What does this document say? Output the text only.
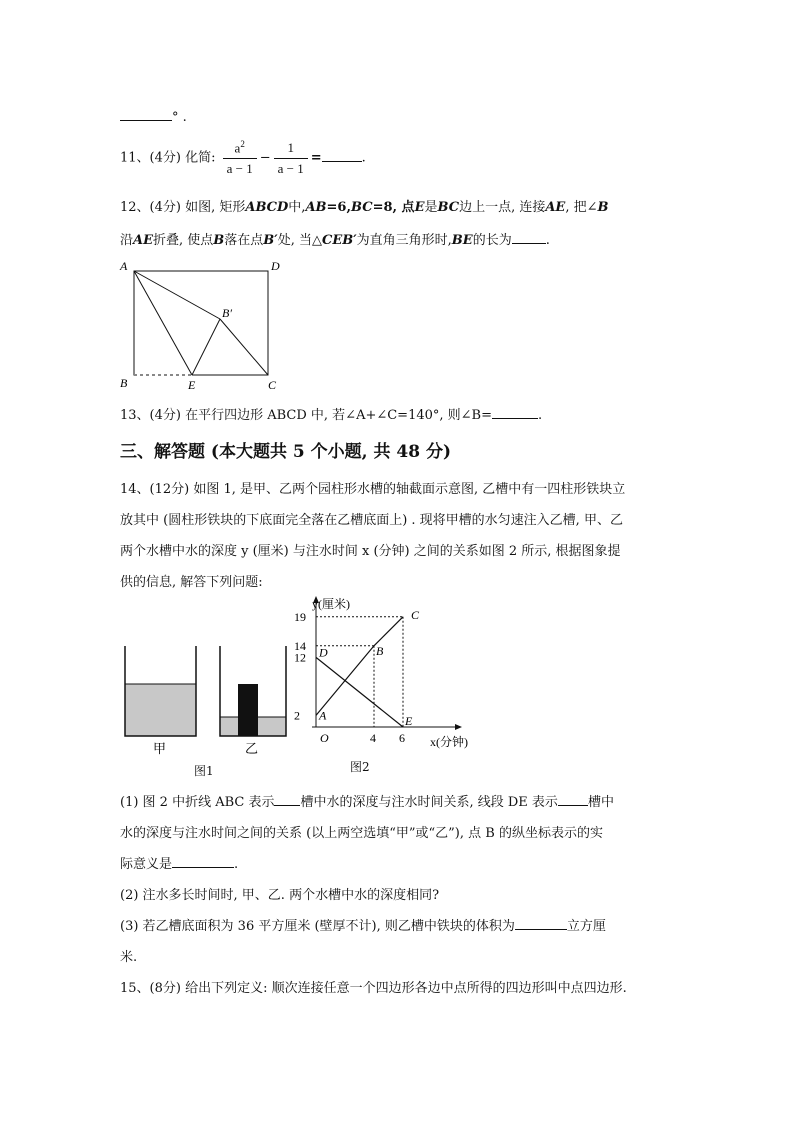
° .
11、(4分) 化简: $\frac{a^2}{a - 1} - \frac{1}{a - 1}$ =	.
12、(4分) 如图, 矩形ABCD中,AB=6,BC=8, 点E是BC边上一点, 连接AE, 把∠B
沿AE折叠, 使点B落在点B′处, 当△CEB′为直角三角形时,BE的长为	.
A	D
B	E	C
B′
13、(4分) 在平行四边形 ABCD 中, 若∠A+∠C=140°, 则∠B=	.
三、解答题 (本大题共 5 个小题, 共 48 分)
14、(12分) 如图 1, 是甲、乙两个园柱形水槽的轴截面示意图, 乙槽中有一四柱形铁块立
放其中 (圆柱形铁块的下底面完全落在乙槽底面上) . 现将甲槽的水匀速注入乙槽, 甲、乙
两个水槽中水的深度 y (厘米) 与注水时间 x (分钟) 之间的关系如图 2 所示, 根据图象提
供的信息, 解答下列问题:
甲	乙
图1
y(厘米)
x(分钟)
O
19
14
12
2
4 6
A
B
C
D
E
图2
(1) 图 2 中折线 ABC 表示 槽中水的深度与注水时间关系, 线段 DE 表示 槽中
水的深度与注水时间之间的关系 (以上两空选填“甲”或“乙”), 点 B 的纵坐标表示的实
际意义是	.
(2) 注水多长时间时, 甲、乙. 两个水槽中水的深度相同?
(3) 若乙槽底面积为 36 平方厘米 (壁厚不计), 则乙槽中铁块的体积为	立方厘
米.
15、(8分) 给出下列定义: 顺次连接任意一个四边形各边中点所得的四边形叫中点四边形.
